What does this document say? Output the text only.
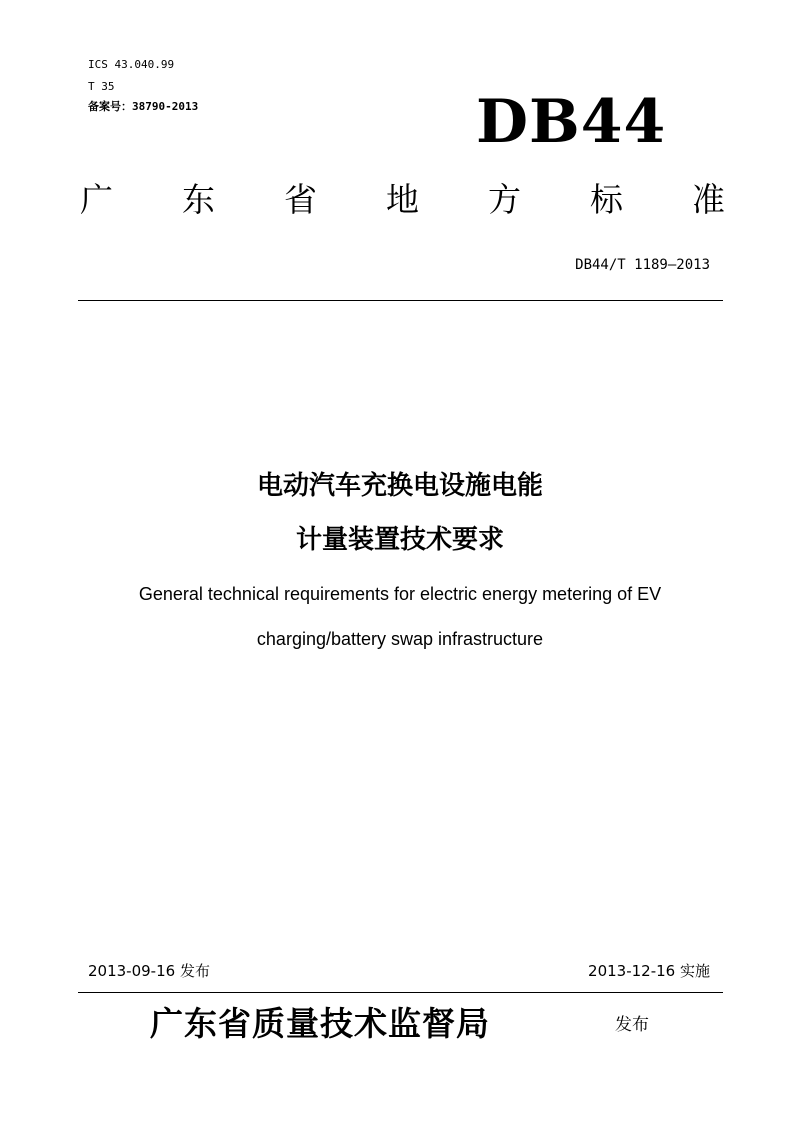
ICS 43.040.99
T 35
备案号：38790-2013	DB44
广 东 省 地 方 标 准
DB44/T 1189—2013
电动汽车充换电设施电能
计量装置技术要求
General technical requirements for electric energy metering of EV
charging/battery swap infrastructure
2013-09-16 发布	2013-12-16 实施
广东省质量技术监督局	发布
